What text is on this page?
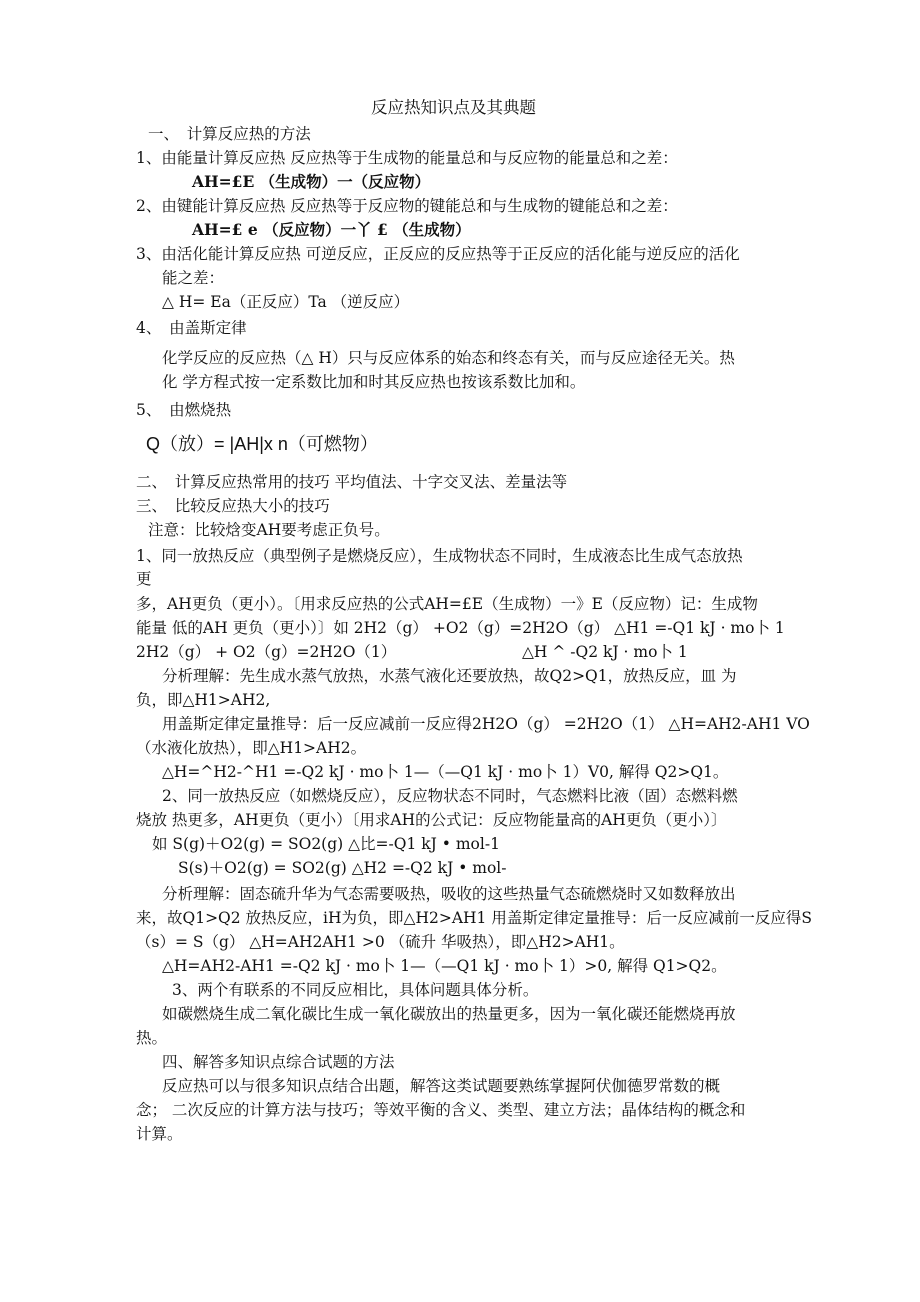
反应热知识点及其典题
一、　计算反应热的方法
1、由能量计算反应热 反应热等于生成物的能量总和与反应物的能量总和之差：
AH=£E （生成物）一（反应物）
2、由键能计算反应热 反应热等于反应物的键能总和与生成物的键能总和之差：
AH=£ e （反应物）一丫 £ （生成物）
3、由活化能计算反应热 可逆反应，正反应的反应热等于正反应的活化能与逆反应的活化
能之差：
△ H= Ea（正反应）Ta （逆反应）
4、　由盖斯定律
化学反应的反应热（△ H）只与反应体系的始态和终态有关，而与反应途径无关。热
化 学方程式按一定系数比加和时其反应热也按该系数比加和。
5、　由燃烧热
Q（放）= |AH|x n（可燃物）
二、　计算反应热常用的技巧 平均值法、十字交叉法、差量法等
三、　比较反应热大小的技巧
注意：比较焓变AH要考虑正负号。
1、同一放热反应（典型例子是燃烧反应），生成物状态不同时，生成液态比生成气态放热
更
多，AH更负（更小）。〔用求反应热的公式AH=£E（生成物）一》E（反应物）记：生成物
能量 低的AH 更负（更小）〕如 2H2（g） +O2（g）=2H2O（g） △H1 =-Q1 kJ · mo卜 1
2H2（g） + O2（g）=2H2O（1）	△H ^ -Q2 kJ · mo卜 1
分析理解：先生成水蒸气放热，水蒸气液化还要放热，故Q2>Q1，放热反应，皿 为
负，即△H1>AH2,
用盖斯定律定量推导：后一反应减前一反应得2H2O（g） =2H2O（1） △H=AH2-AH1 VO
（水液化放热），即△H1>AH2。
△H=^H2-^H1 =-Q2 kJ · mo卜 1—（—Q1 kJ · mo卜 1）V0, 解得 Q2>Q1。
2、同一放热反应（如燃烧反应），反应物状态不同时，气态燃料比液（固）态燃料燃
烧放 热更多，AH更负（更小）〔用求AH的公式记：反应物能量高的AH更负（更小）〕
如 S(g)＋O2(g) = SO2(g) △比=-Q1 kJ • mol-1
S(s)＋O2(g) = SO2(g) △H2 =-Q2 kJ • mol-
分析理解：固态硫升华为气态需要吸热，吸收的这些热量气态硫燃烧时又如数释放出
来，故Q1>Q2 放热反应，iH为负，即△H2>AH1 用盖斯定律定量推导：后一反应减前一反应得S
（s）= S（g） △H=AH2AH1 >0 （硫升 华吸热），即△H2>AH1。
△H=AH2-AH1 =-Q2 kJ · mo卜 1—（—Q1 kJ · mo卜 1）>0, 解得 Q1>Q2。
3、两个有联系的不同反应相比，具体问题具体分析。
如碳燃烧生成二氧化碳比生成一氧化碳放出的热量更多，因为一氧化碳还能燃烧再放
热。
四、解答多知识点综合试题的方法
反应热可以与很多知识点结合出题，解答这类试题要熟练掌握阿伏伽德罗常数的概
念； 二次反应的计算方法与技巧；等效平衡的含义、类型、建立方法；晶体结构的概念和
计算。
